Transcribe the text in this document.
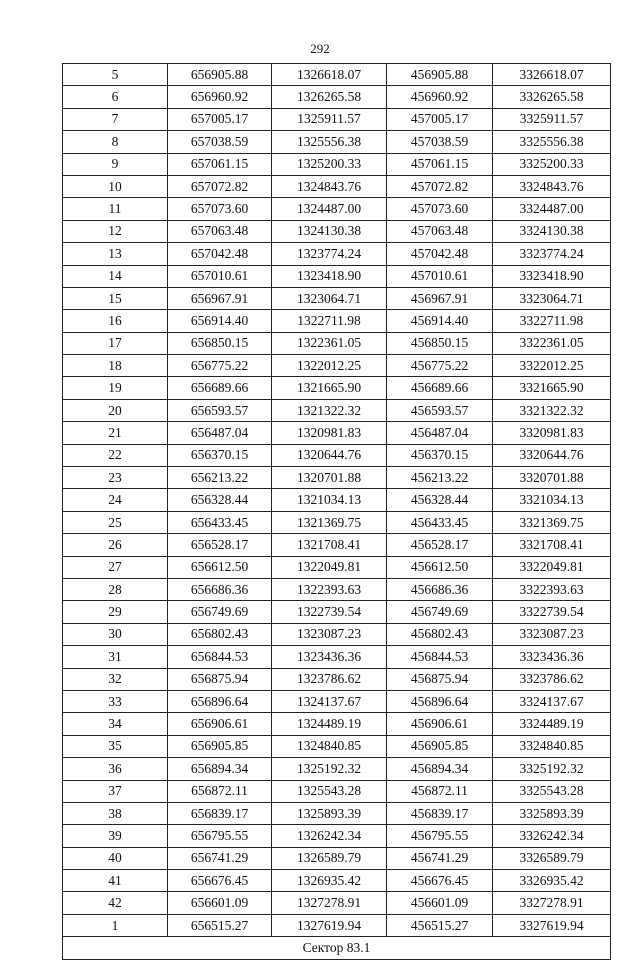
292
5	656905.88	1326618.07	456905.88	3326618.07
6	656960.92	1326265.58	456960.92	3326265.58
7	657005.17	1325911.57	457005.17	3325911.57
8	657038.59	1325556.38	457038.59	3325556.38
9	657061.15	1325200.33	457061.15	3325200.33
10	657072.82	1324843.76	457072.82	3324843.76
11	657073.60	1324487.00	457073.60	3324487.00
12	657063.48	1324130.38	457063.48	3324130.38
13	657042.48	1323774.24	457042.48	3323774.24
14	657010.61	1323418.90	457010.61	3323418.90
15	656967.91	1323064.71	456967.91	3323064.71
16	656914.40	1322711.98	456914.40	3322711.98
17	656850.15	1322361.05	456850.15	3322361.05
18	656775.22	1322012.25	456775.22	3322012.25
19	656689.66	1321665.90	456689.66	3321665.90
20	656593.57	1321322.32	456593.57	3321322.32
21	656487.04	1320981.83	456487.04	3320981.83
22	656370.15	1320644.76	456370.15	3320644.76
23	656213.22	1320701.88	456213.22	3320701.88
24	656328.44	1321034.13	456328.44	3321034.13
25	656433.45	1321369.75	456433.45	3321369.75
26	656528.17	1321708.41	456528.17	3321708.41
27	656612.50	1322049.81	456612.50	3322049.81
28	656686.36	1322393.63	456686.36	3322393.63
29	656749.69	1322739.54	456749.69	3322739.54
30	656802.43	1323087.23	456802.43	3323087.23
31	656844.53	1323436.36	456844.53	3323436.36
32	656875.94	1323786.62	456875.94	3323786.62
33	656896.64	1324137.67	456896.64	3324137.67
34	656906.61	1324489.19	456906.61	3324489.19
35	656905.85	1324840.85	456905.85	3324840.85
36	656894.34	1325192.32	456894.34	3325192.32
37	656872.11	1325543.28	456872.11	3325543.28
38	656839.17	1325893.39	456839.17	3325893.39
39	656795.55	1326242.34	456795.55	3326242.34
40	656741.29	1326589.79	456741.29	3326589.79
41	656676.45	1326935.42	456676.45	3326935.42
42	656601.09	1327278.91	456601.09	3327278.91
1	656515.27	1327619.94	456515.27	3327619.94
Сектор 83.1				
